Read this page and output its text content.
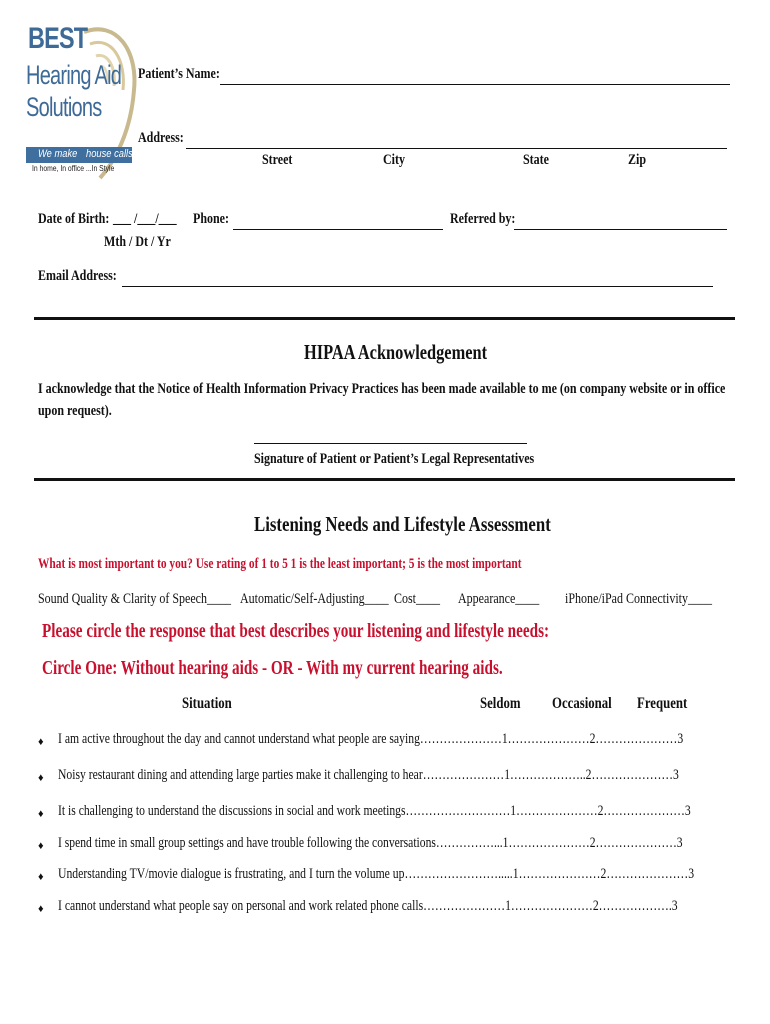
BEST
Hearing Aid
Solutions
We make house calls
In home, In office ...In Style
Patient’s Name:
Address:
Street	City	State	Zip
Date of Birth: ___ /___/___
Mth / Dt / Yr
Phone:	Referred by:
Email Address:
HIPAA Acknowledgement
I acknowledge that the Notice of Health Information Privacy Practices has been made available to me (on company website or in office upon request).
Signature of Patient or Patient’s Legal Representatives
Listening Needs and Lifestyle Assessment
What is most important to you? Use rating of 1 to 5 1 is the least important; 5 is the most important
Sound Quality & Clarity of Speech____ Automatic/Self-Adjusting____ Cost____	Appearance____	iPhone/iPad Connectivity____
Please circle the response that best describes your listening and lifestyle needs:
Circle One: Without hearing aids - OR - With my current hearing aids.
Situation	Seldom	Occasional	Frequent
♦ I am active throughout the day and cannot understand what people are saying…………………1…………………2…………………3
♦ Noisy restaurant dining and attending large parties make it challenging to hear…………………1………………..2…………………3
♦ It is challenging to understand the discussions in social and work meetings………………………1…………………2…………………3
♦ I spend time in small group settings and have trouble following the conversations……………...1…………………2…………………3
♦ Understanding TV/movie dialogue is frustrating, and I turn the volume up…………………….....1…………………2…………………3
♦ I cannot understand what people say on personal and work related phone calls…………………1…………………2……………….3
